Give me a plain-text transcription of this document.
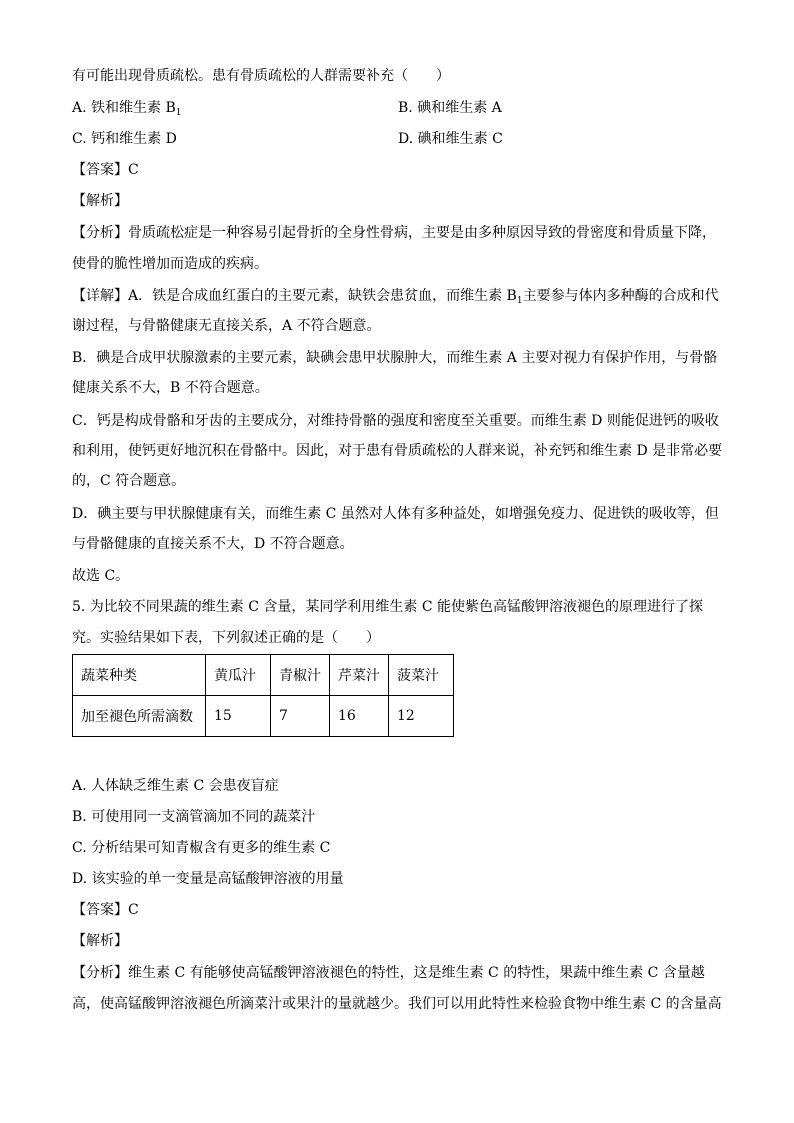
有可能出现骨质疏松。患有骨质疏松的人群需要补充（　　）
A. 铁和维生素 $B_1$	B. 碘和维生素 A
C. 钙和维生素 D	D. 碘和维生素 C
【答案】C
【解析】
【分析】骨质疏松症是一种容易引起骨折的全身性骨病，主要是由多种原因导致的骨密度和骨质量下降，
使骨的脆性增加而造成的疾病。
【详解】A．铁是合成血红蛋白的主要元素，缺铁会患贫血，而维生素 $B_1$主要参与体内多种酶的合成和代
谢过程，与骨骼健康无直接关系，A 不符合题意。
B．碘是合成甲状腺激素的主要元素，缺碘会患甲状腺肿大，而维生素 A 主要对视力有保护作用，与骨骼
健康关系不大，B 不符合题意。
C．钙是构成骨骼和牙齿的主要成分，对维持骨骼的强度和密度至关重要。而维生素 D 则能促进钙的吸收
和利用，使钙更好地沉积在骨骼中。因此，对于患有骨质疏松的人群来说，补充钙和维生素 D 是非常必要
的，C 符合题意。
D．碘主要与甲状腺健康有关，而维生素 C 虽然对人体有多种益处，如增强免疫力、促进铁的吸收等，但
与骨骼健康的直接关系不大，D 不符合题意。
故选 C。
5. 为比较不同果蔬的维生素 C 含量，某同学利用维生素 C 能使紫色高锰酸钾溶液褪色的原理进行了探
究。实验结果如下表，下列叙述正确的是（　　）
蔬菜种类	黄瓜汁	青椒汁	芹菜汁	菠菜汁
加至褪色所需滴数	15	7	16	12
A. 人体缺乏维生素 C 会患夜盲症
B. 可使用同一支滴管滴加不同的蔬菜汁
C. 分析结果可知青椒含有更多的维生素 C
D. 该实验的单一变量是高锰酸钾溶液的用量
【答案】C
【解析】
【分析】维生素 C 有能够使高锰酸钾溶液褪色的特性，这是维生素 C 的特性，果蔬中维生素 C 含量越
高，使高锰酸钾溶液褪色所滴菜汁或果汁的量就越少。我们可以用此特性来检验食物中维生素 C 的含量高
